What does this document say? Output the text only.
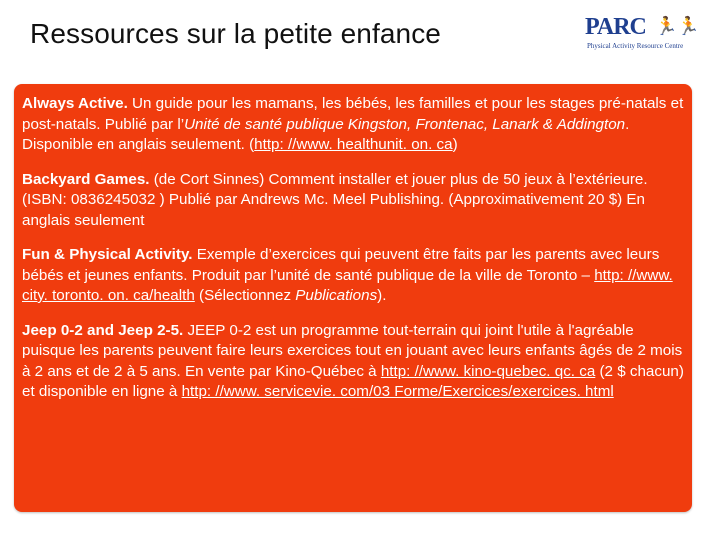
Ressources sur la petite enfance	PARC 🏃🏃
Physical Activity Resource Centre

Always Active. Un guide pour les mamans, les bébés, les familles et pour les stages pré-natals et post-natals. Publié par l’Unité de santé publique Kingston, Frontenac, Lanark & Addington. Disponible en anglais seulement. (http: //www. healthunit. on. ca)

Backyard Games. (de Cort Sinnes) Comment installer et jouer plus de 50 jeux à l’extérieure. (ISBN: 0836245032 ) Publié par Andrews Mc. Meel Publishing. (Approximativement 20 $) En anglais seulement

Fun & Physical Activity. Exemple d’exercices qui peuvent être faits par les parents avec leurs bébés et jeunes enfants. Produit par l’unité de santé publique de la ville de Toronto – http: //www. city. toronto. on. ca/health (Sélectionnez Publications).

Jeep 0-2 and Jeep 2-5. JEEP 0-2 est un programme tout-terrain qui joint l'utile à l'agréable puisque les parents peuvent faire leurs exercices tout en jouant avec leurs enfants âgés de 2 mois à 2 ans et de 2 à 5 ans. En vente par Kino-Québec à http: //www. kino-quebec. qc. ca (2 $ chacun) et disponible en ligne à http: //www. servicevie. com/03 Forme/Exercices/exercices. html
